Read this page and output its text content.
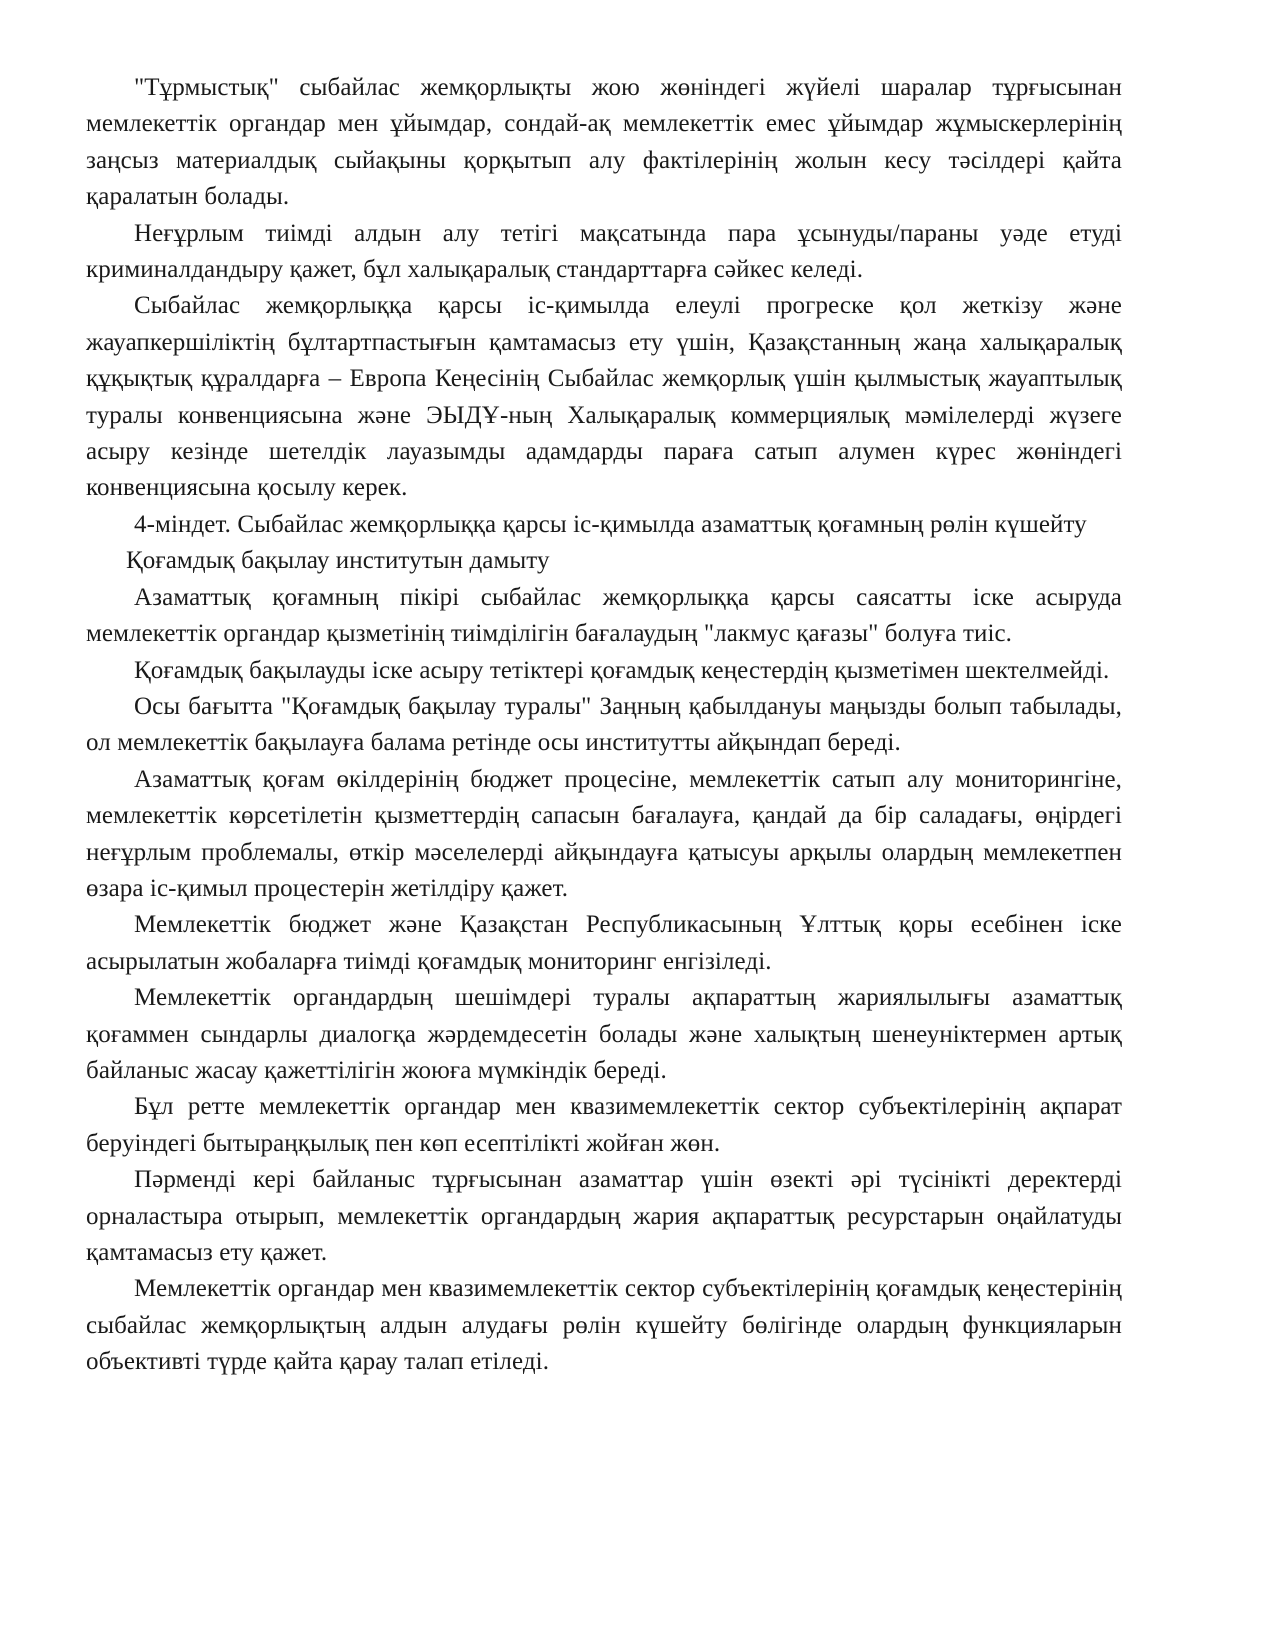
"Тұрмыстық" сыбайлас жемқорлықты жою жөніндегі жүйелі шаралар тұрғысынан мемлекеттік органдар мен ұйымдар, сондай-ақ мемлекеттік емес ұйымдар жұмыскерлерінің заңсыз материалдық сыйақыны қорқытып алу фактілерінің жолын кесу тәсілдері қайта қаралатын болады.

Неғұрлым тиімді алдын алу тетігі мақсатында пара ұсынуды/параны уәде етуді криминалдандыру қажет, бұл халықаралық стандарттарға сәйкес келеді.

Сыбайлас жемқорлыққа қарсы іс-қимылда елеулі прогреске қол жеткізу және жауапкершіліктің бұлтартпастығын қамтамасыз ету үшін, Қазақстанның жаңа халықаралық құқықтық құралдарға – Европа Кеңесінің Сыбайлас жемқорлық үшін қылмыстық жауаптылық туралы конвенциясына және ЭЫДҰ-ның Халықаралық коммерциялық мәмілелерді жүзеге асыру кезінде шетелдік лауазымды адамдарды параға сатып алумен күрес жөніндегі конвенциясына қосылу керек.

4-міндет. Сыбайлас жемқорлыққа қарсы іс-қимылда азаматтық қоғамның рөлін күшейту

Қоғамдық бақылау институтын дамыту

Азаматтық қоғамның пікірі сыбайлас жемқорлыққа қарсы саясатты іске асыруда мемлекеттік органдар қызметінің тиімділігін бағалаудың "лакмус қағазы" болуға тиіс.

Қоғамдық бақылауды іске асыру тетіктері қоғамдық кеңестердің қызметімен шектелмейді.

Осы бағытта "Қоғамдық бақылау туралы" Заңның қабылдануы маңызды болып табылады, ол мемлекеттік бақылауға балама ретінде осы институтты айқындап береді.

Азаматтық қоғам өкілдерінің бюджет процесіне, мемлекеттік сатып алу мониторингіне, мемлекеттік көрсетілетін қызметтердің сапасын бағалауға, қандай да бір саладағы, өңірдегі неғұрлым проблемалы, өткір мәселелерді айқындауға қатысуы арқылы олардың мемлекетпен өзара іс-қимыл процестерін жетілдіру қажет.

Мемлекеттік бюджет және Қазақстан Республикасының Ұлттық қоры есебінен іске асырылатын жобаларға тиімді қоғамдық мониторинг енгізіледі.

Мемлекеттік органдардың шешімдері туралы ақпараттың жариялылығы азаматтық қоғаммен сындарлы диалогқа жәрдемдесетін болады және халықтың шенеуніктермен артық байланыс жасау қажеттілігін жоюға мүмкіндік береді.

Бұл ретте мемлекеттік органдар мен квазимемлекеттік сектор субъектілерінің ақпарат беруіндегі бытыраңқылық пен көп есептілікті жойған жөн.

Пәрменді кері байланыс тұрғысынан азаматтар үшін өзекті әрі түсінікті деректерді орналастыра отырып, мемлекеттік органдардың жария ақпараттық ресурстарын оңайлатуды қамтамасыз ету қажет.

Мемлекеттік органдар мен квазимемлекеттік сектор субъектілерінің қоғамдық кеңестерінің сыбайлас жемқорлықтың алдын алудағы рөлін күшейту бөлігінде олардың функцияларын объективті түрде қайта қарау талап етіледі.
